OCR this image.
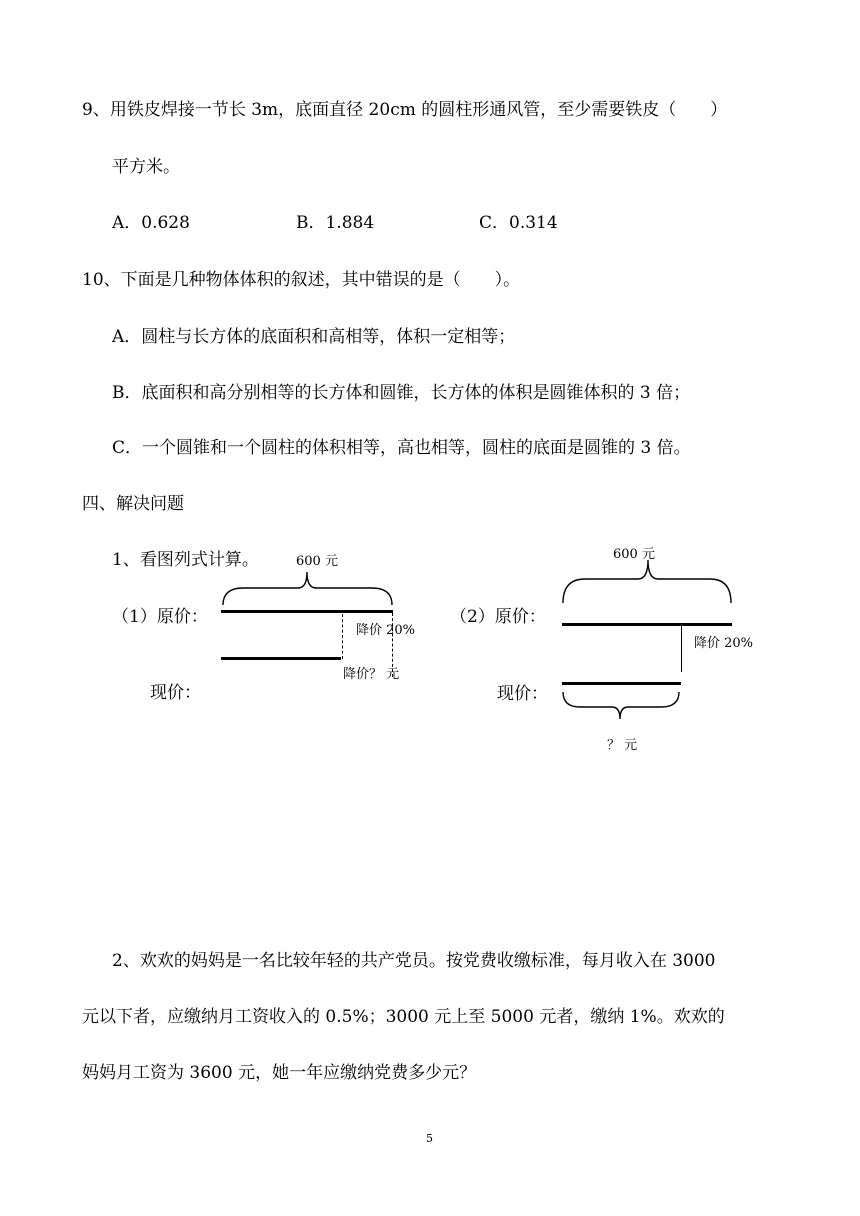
9、用铁皮焊接一节长 3m，底面直径 20cm 的圆柱形通风管，至少需要铁皮（　　）
平方米。
A．0.628	B．1.884	C．0.314
10、下面是几种物体体积的叙述，其中错误的是（　　）。
A．圆柱与长方体的底面积和高相等，体积一定相等；
B．底面积和高分别相等的长方体和圆锥，长方体的体积是圆锥体积的 3 倍；
C．一个圆锥和一个圆柱的体积相等，高也相等，圆柱的底面是圆锥的 3 倍。
四、解决问题
1、看图列式计算。	600 元
（1）原价：
降价 20%
降价？ 元
现价：
600 元
（2）原价：
降价 20%
现价：
？ 元
2、欢欢的妈妈是一名比较年轻的共产党员。按党费收缴标准，每月收入在 3000
元以下者，应缴纳月工资收入的 0.5%；3000 元上至 5000 元者，缴纳 1%。欢欢的
妈妈月工资为 3600 元，她一年应缴纳党费多少元？
5
